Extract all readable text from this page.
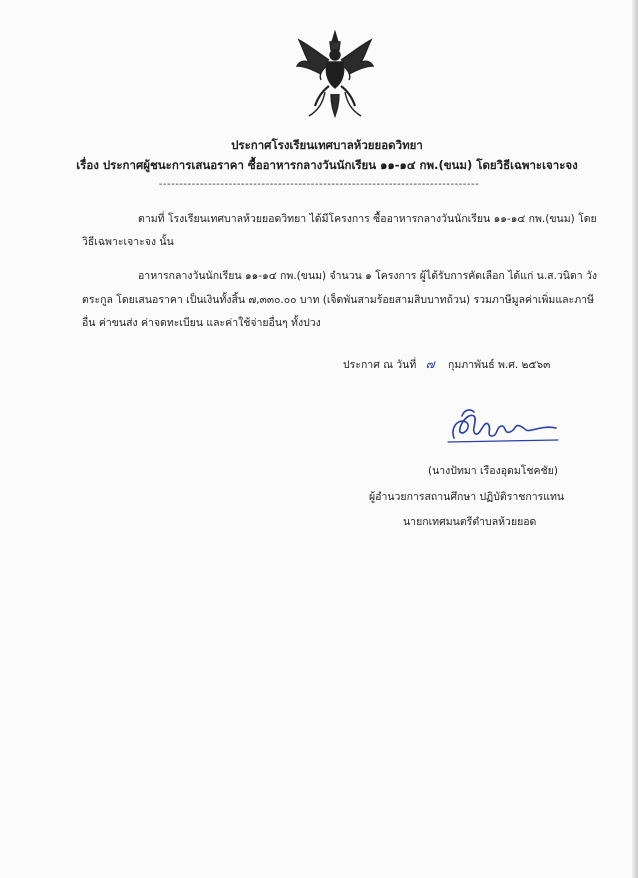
ประกาศโรงเรียนเทศบาลห้วยยอดวิทยา
เรื่อง ประกาศผู้ชนะการเสนอราคา ซื้ออาหารกลางวันนักเรียน ๑๑-๑๔ กพ.(ขนม) โดยวิธีเฉพาะเจาะจง
------------------------------------------------------------------------------
ตามที่ โรงเรียนเทศบาลห้วยยอดวิทยา ได้มีโครงการ ซื้ออาหารกลางวันนักเรียน ๑๑-๑๔ กพ.(ขนม) โดย
วิธีเฉพาะเจาะจง นั้น
อาหารกลางวันนักเรียน ๑๑-๑๔ กพ.(ขนม) จำนวน ๑ โครงการ ผู้ได้รับการคัดเลือก ได้แก่ น.ส.วนิดา วัง
ตระกูล โดยเสนอราคา เป็นเงินทั้งสิ้น ๗,๓๓๐.๐๐ บาท (เจ็ดพันสามร้อยสามสิบบาทถ้วน) รวมภาษีมูลค่าเพิ่มและภาษี
อื่น ค่าขนส่ง ค่าจดทะเบียน และค่าใช้จ่ายอื่นๆ ทั้งปวง
ประกาศ ณ วันที่ ๗ กุมภาพันธ์ พ.ศ. ๒๕๖๓
(นางปัทมา เรืองอุดมโชคชัย)
ผู้อำนวยการสถานศึกษา ปฏิบัติราชการแทน
นายกเทศมนตรีตำบลห้วยยอด
